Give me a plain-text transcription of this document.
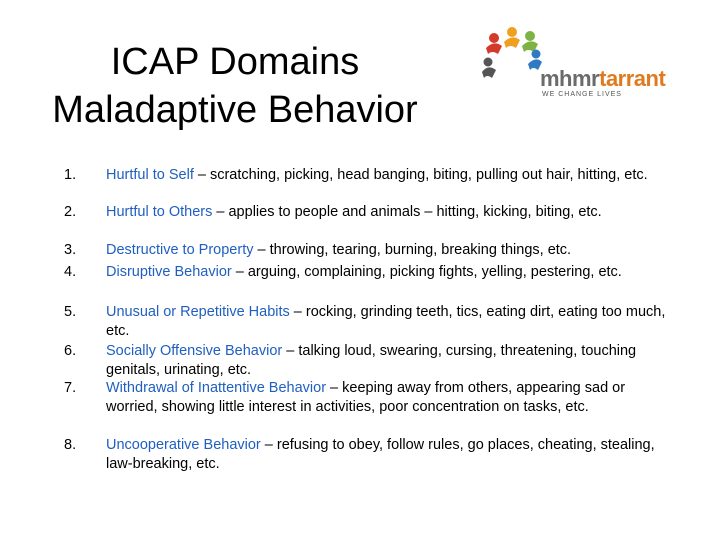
ICAP Domains
Maladaptive Behavior
mhmrtarrant
WE CHANGE LIVES
1.	Hurtful to Self – scratching, picking, head banging, biting, pulling out hair, hitting, etc.
2.	Hurtful to Others – applies to people and animals – hitting, kicking, biting, etc.
3.	Destructive to Property – throwing, tearing, burning, breaking things, etc.
4.	Disruptive Behavior – arguing, complaining, picking fights, yelling, pestering, etc.
5.	Unusual or Repetitive Habits – rocking, grinding teeth, tics, eating dirt, eating too much, etc.
6.	Socially Offensive Behavior – talking loud, swearing, cursing, threatening, touching genitals, urinating, etc.
7.	Withdrawal of Inattentive Behavior – keeping away from others, appearing sad or worried, showing little interest in activities, poor concentration on tasks, etc.
8.	Uncooperative Behavior – refusing to obey, follow rules, go places, cheating, stealing, law-breaking, etc.
